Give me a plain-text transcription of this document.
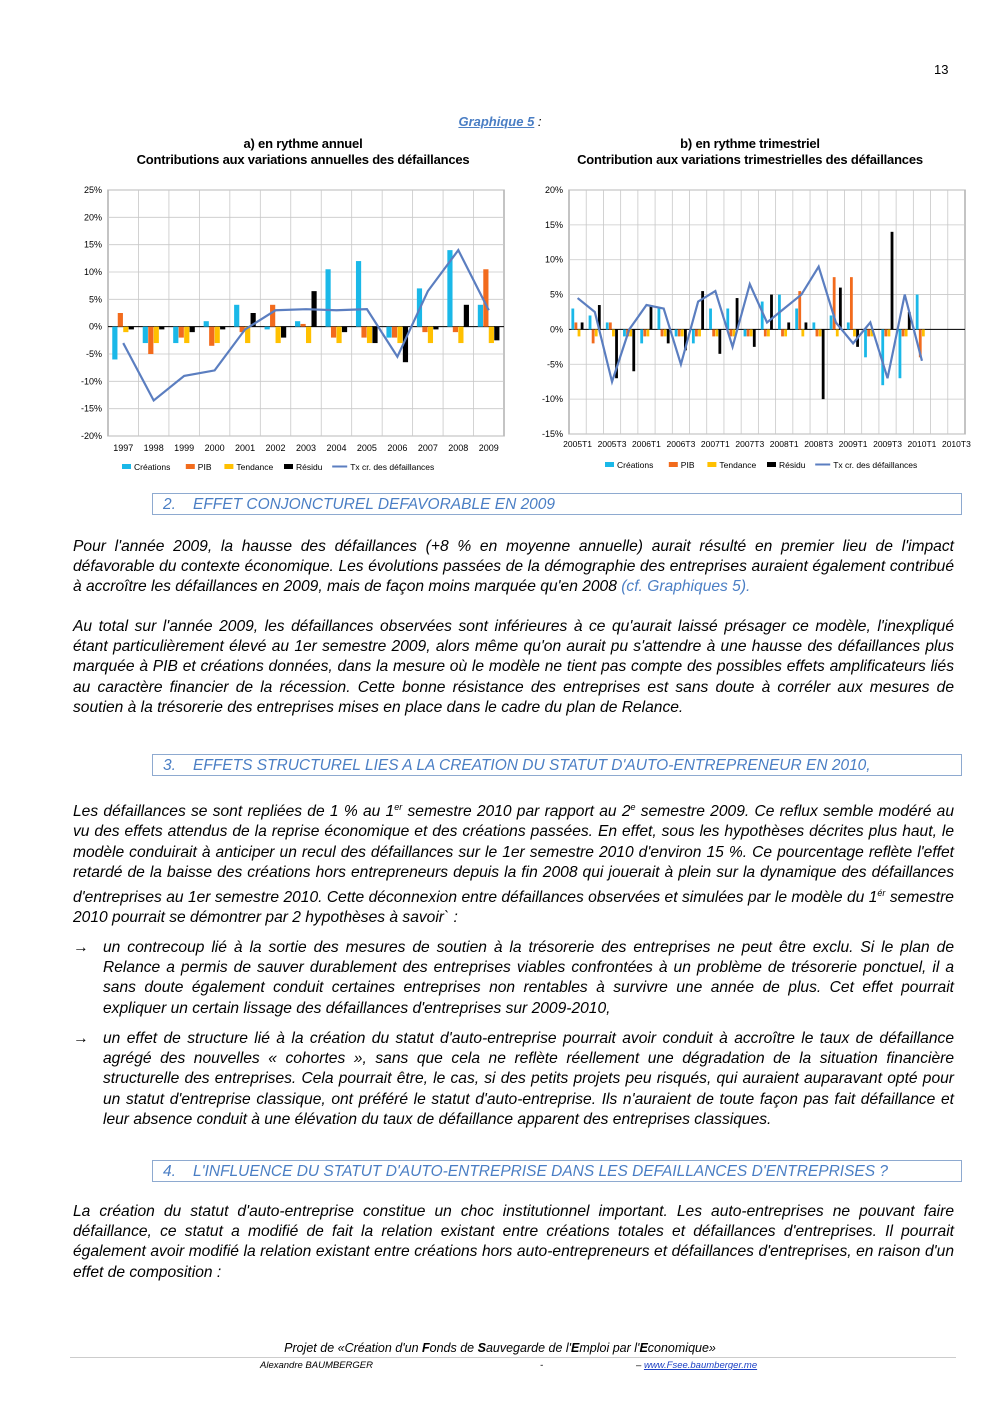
13
Graphique 5 :
a) en rythme annuel
Contributions aux variations annuelles des défaillances
b) en rythme trimestriel
Contribution aux variations trimestrielles des défaillances
25%
20%
15%
10%
5%
0%
-5%
-10%
-15%
-20%
1997 1998 1999 2000 2001 2002 2003 2004 2005 2006 2007 2008 2009
Créations	PIB	Tendance	Résidu	Tx cr. des défaillances
20%
15%
10%
5%
0%
-5%
-10%
-15%
2005T1 2005T3 2006T1 2006T3 2007T1 2007T3 2008T1 2008T3 2009T1 2009T3 2010T1 2010T3
Créations	PIB	Tendance	Résidu	Tx cr. des défaillances
2. EFFET CONJONCTUREL DEFAVORABLE EN 2009
Pour l'année 2009, la hausse des défaillances (+8 % en moyenne annuelle) aurait résulté en premier lieu de l'impact défavorable du contexte économique. Les évolutions passées de la démographie des entreprises auraient également contribué à accroître les défaillances en 2009, mais de façon moins marquée qu'en 2008 (cf. Graphiques 5).
Au total sur l'année 2009, les défaillances observées sont inférieures à ce qu'aurait laissé présager ce modèle, l'inexpliqué étant particulièrement élevé au 1er semestre 2009, alors même qu'on aurait pu s'attendre à une hausse des défaillances plus marquée à PIB et créations données, dans la mesure où le modèle ne tient pas compte des possibles effets amplificateurs liés au caractère financier de la récession. Cette bonne résistance des entreprises est sans doute à corréler aux mesures de soutien à la trésorerie des entreprises mises en place dans le cadre du plan de Relance.
3. EFFETS STRUCTUREL LIES A LA CREATION DU STATUT D'AUTO-ENTREPRENEUR EN 2010,
Les défaillances se sont repliées de 1 % au 1er semestre 2010 par rapport au 2e semestre 2009. Ce reflux semble modéré au vu des effets attendus de la reprise économique et des créations passées. En effet, sous les hypothèses décrites plus haut, le modèle conduirait à anticiper un recul des défaillances sur le 1er semestre 2010 d'environ 15 %. Ce pourcentage reflète l'effet retardé de la baisse des créations hors entrepreneurs depuis la fin 2008 qui jouerait à plein sur la dynamique des défaillances d'entreprises au 1er semestre 2010. Cette déconnexion entre défaillances observées et simulées par le modèle du $1^{ér}$ semestre 2010 pourrait se démontrer par 2 hypothèses à savoir` :
→ un contrecoup lié à la sortie des mesures de soutien à la trésorerie des entreprises ne peut être exclu. Si le plan de Relance a permis de sauver durablement des entreprises viables confrontées à un problème de trésorerie ponctuel, il a sans doute également conduit certaines entreprises non rentables à survivre une année de plus. Cet effet pourrait expliquer un certain lissage des défaillances d'entreprises sur 2009-2010,
→ un effet de structure lié à la création du statut d'auto-entreprise pourrait avoir conduit à accroître le taux de défaillance agrégé des nouvelles « cohortes », sans que cela ne reflète réellement une dégradation de la situation financière structurelle des entreprises. Cela pourrait être, le cas, si des petits projets peu risqués, qui auraient auparavant opté pour un statut d'entreprise classique, ont préféré le statut d'auto-entreprise. Ils n'auraient de toute façon pas fait défaillance et leur absence conduit à une élévation du taux de défaillance apparent des entreprises classiques.
4. L'INFLUENCE DU STATUT D'AUTO-ENTREPRISE DANS LES DEFAILLANCES D'ENTREPRISES ?
La création du statut d'auto-entreprise constitue un choc institutionnel important. Les auto-entreprises ne pouvant faire défaillance, ce statut a modifié de fait la relation existant entre créations totales et défaillances d'entreprises. Il pourrait également avoir modifié la relation existant entre créations hors auto-entrepreneurs et défaillances d'entreprises, en raison d'un effet de composition :
Projet de «Création d'un Fonds de Sauvegarde de l'Emploi par l'Economique»
Alexandre BAUMBERGER	-	– www.Fsee.baumberger.me
